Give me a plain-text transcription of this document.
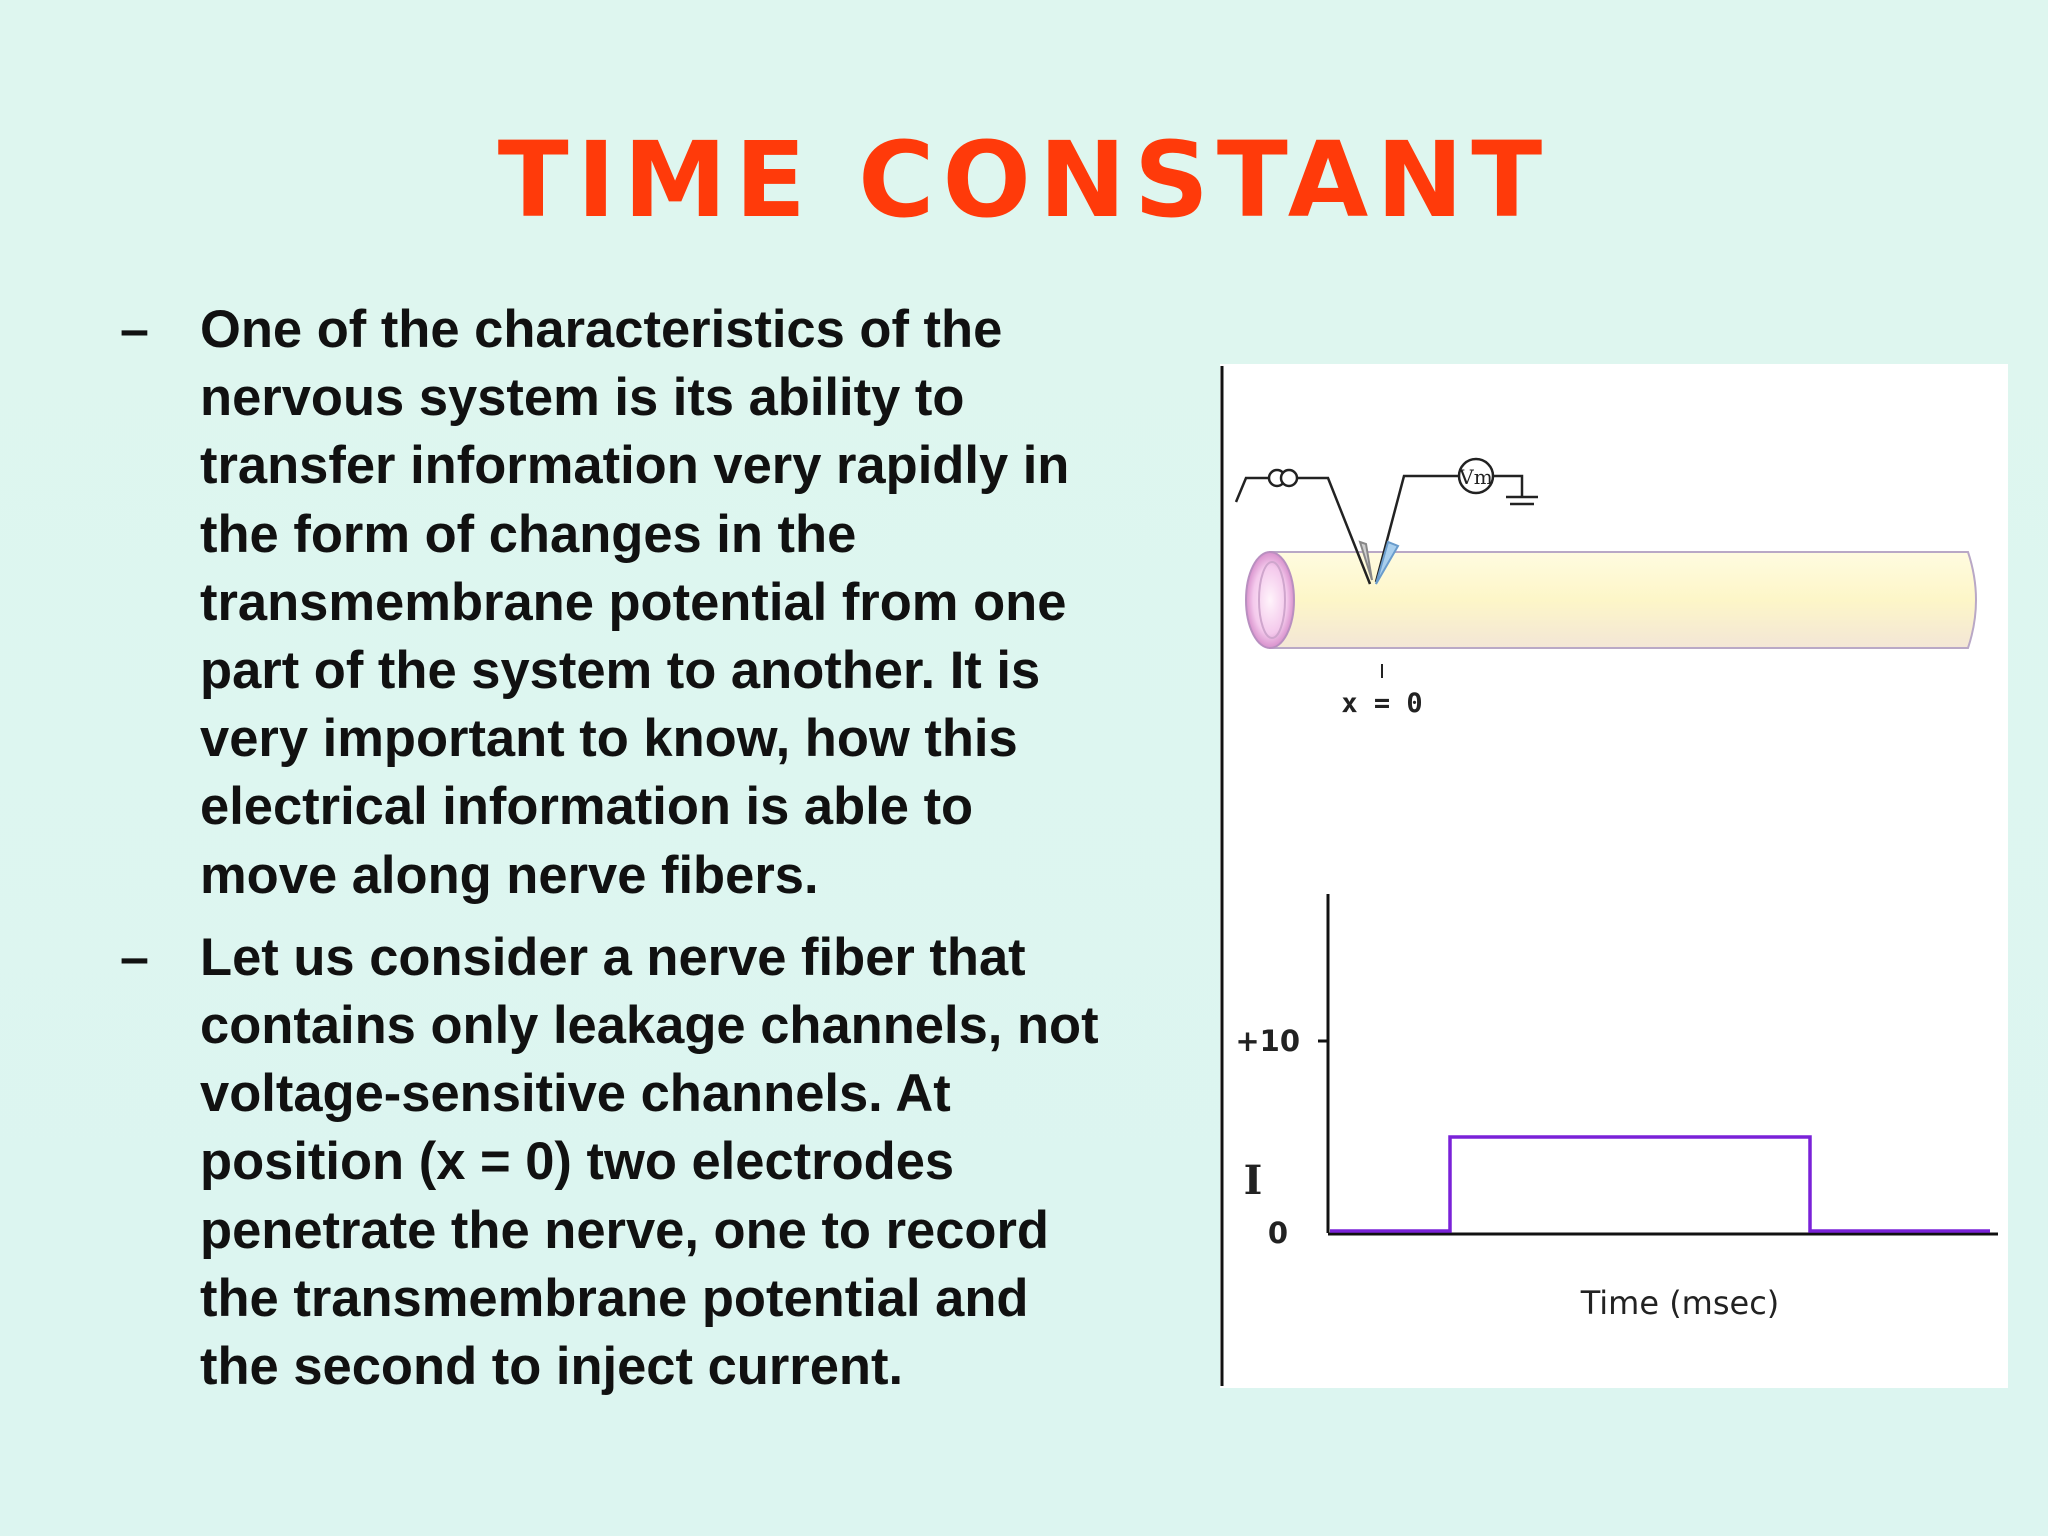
TIME CONSTANT
– One of the characteristics of the
nervous system is its ability to
transfer information very rapidly in
the form of changes in the
transmembrane potential from one
part of the system to another. It is
very important to know, how this
electrical information is able to
move along nerve fibers.
– Let us consider a nerve fiber that
contains only leakage channels, not
voltage-sensitive channels. At
position (x = 0) two electrodes
penetrate the nerve, one to record
the transmembrane potential and
the second to inject current.
Vm
x = 0
+10
0
I
Time (msec)
